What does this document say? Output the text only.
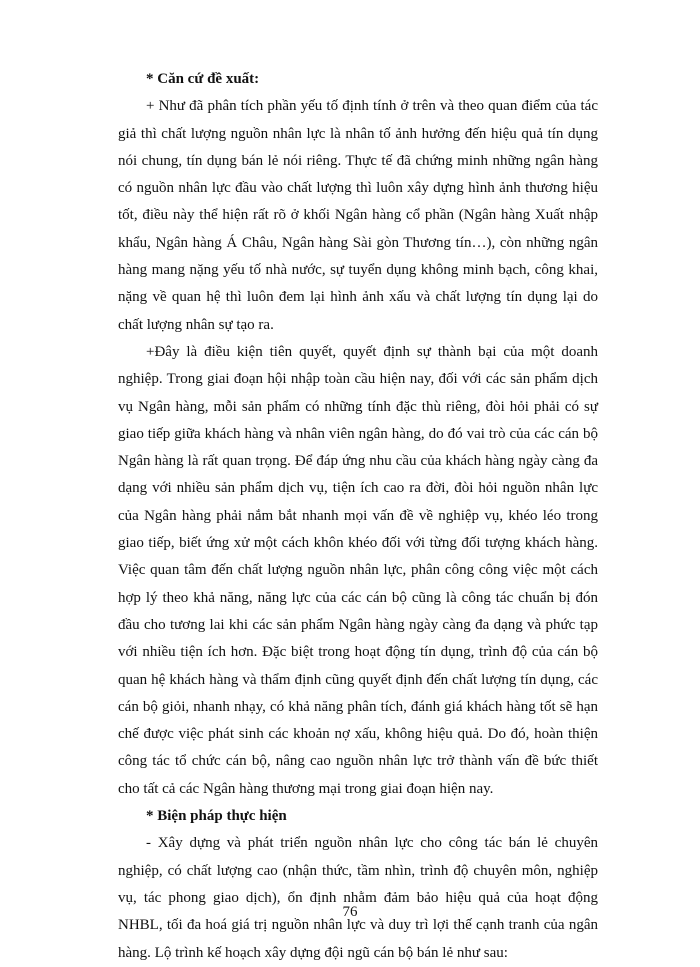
* Căn cứ đề xuất:

+ Như đã phân tích phần yếu tố định tính ở trên và theo quan điểm của tác giả thì chất lượng nguồn nhân lực là nhân tố ảnh hưởng đến hiệu quả tín dụng nói chung, tín dụng bán lẻ nói riêng. Thực tế đã chứng minh những ngân hàng có nguồn nhân lực đầu vào chất lượng thì luôn xây dựng hình ảnh thương hiệu tốt, điều này thể hiện rất rõ ở khối Ngân hàng cổ phần (Ngân hàng Xuất nhập khẩu, Ngân hàng Á Châu, Ngân hàng Sài gòn Thương tín…), còn những ngân hàng mang nặng yếu tố nhà nước, sự tuyển dụng không minh bạch, công khai, nặng về quan hệ thì luôn đem lại hình ảnh xấu và chất lượng tín dụng lại do chất lượng nhân sự tạo ra.

+Đây là điều kiện tiên quyết, quyết định sự thành bại của một doanh nghiệp. Trong giai đoạn hội nhập toàn cầu hiện nay, đối với các sản phẩm dịch vụ Ngân hàng, mỗi sản phẩm có những tính đặc thù riêng, đòi hỏi phải có sự giao tiếp giữa khách hàng và nhân viên ngân hàng, do đó vai trò của các cán bộ Ngân hàng là rất quan trọng. Để đáp ứng nhu cầu của khách hàng ngày càng đa dạng với nhiều sản phẩm dịch vụ, tiện ích cao ra đời, đòi hỏi nguồn nhân lực của Ngân hàng phải nắm bắt nhanh mọi vấn đề về nghiệp vụ, khéo léo trong giao tiếp, biết ứng xử một cách khôn khéo đối với từng đối tượng khách hàng. Việc quan tâm đến chất lượng nguồn nhân lực, phân công công việc một cách hợp lý theo khả năng, năng lực của các cán bộ cũng là công tác chuẩn bị đón đầu cho tương lai khi các sản phẩm Ngân hàng ngày càng đa dạng và phức tạp với nhiều tiện ích hơn. Đặc biệt trong hoạt động tín dụng, trình độ của cán bộ quan hệ khách hàng và thẩm định cũng quyết định đến chất lượng tín dụng, các cán bộ giỏi, nhanh nhạy, có khả năng phân tích, đánh giá khách hàng tốt sẽ hạn chế được việc phát sinh các khoản nợ xấu, không hiệu quả. Do đó, hoàn thiện công tác tổ chức cán bộ, nâng cao nguồn nhân lực trở thành vấn đề bức thiết cho tất cả các Ngân hàng thương mại trong giai đoạn hiện nay.

* Biện pháp thực hiện

- Xây dựng và phát triển nguồn nhân lực cho công tác bán lẻ chuyên nghiệp, có chất lượng cao (nhận thức, tầm nhìn, trình độ chuyên môn, nghiệp vụ, tác phong giao dịch), ổn định nhằm đảm bảo hiệu quả của hoạt động NHBL, tối đa hoá giá trị nguồn nhân lực và duy trì lợi thế cạnh tranh của ngân hàng. Lộ trình kế hoạch xây dựng đội ngũ cán bộ bán lẻ như sau:

76
